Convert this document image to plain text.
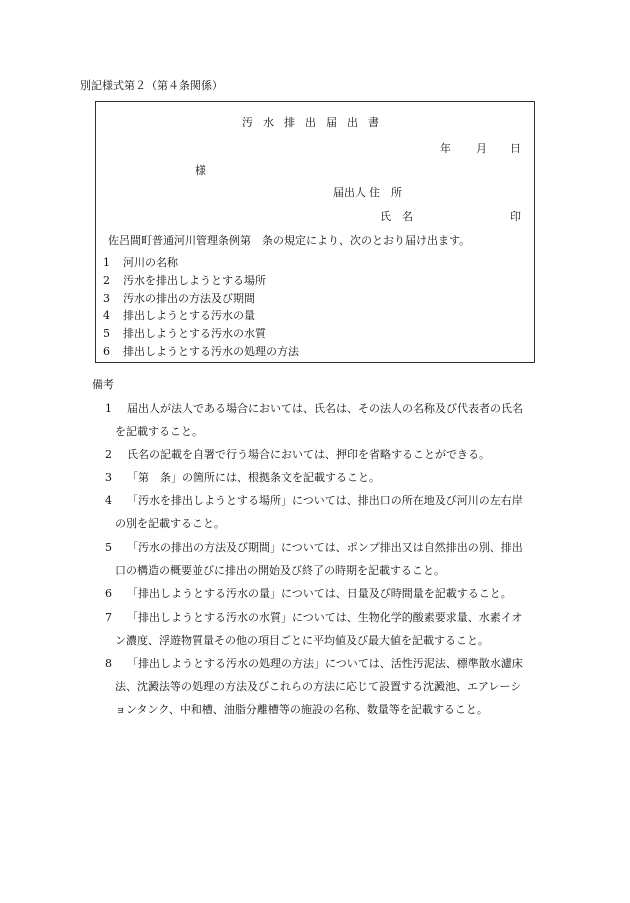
別記様式第２（第４条関係）
汚水排出届出書
年 月 日
様
届出人 住　所
氏　名	印
佐呂間町普通河川管理条例第　条の規定により、次のとおり届け出ます。
1 河川の名称
2 汚水を排出しようとする場所
3 汚水の排出の方法及び期間
4 排出しようとする汚水の量
5 排出しようとする汚水の水質
6 排出しようとする汚水の処理の方法
備考
1 届出人が法人である場合においては、氏名は、その法人の名称及び代表者の氏名
を記載すること。
2 氏名の記載を自署で行う場合においては、押印を省略することができる。
3 「第　条」の箇所には、根拠条文を記載すること。
4 「汚水を排出しようとする場所」については、排出口の所在地及び河川の左右岸
の別を記載すること。
5 「汚水の排出の方法及び期間」については、ポンプ排出又は自然排出の別、排出
口の構造の概要並びに排出の開始及び終了の時期を記載すること。
6 「排出しようとする汚水の量」については、日量及び時間量を記載すること。
7 「排出しようとする汚水の水質」については、生物化学的酸素要求量、水素イオ
ン濃度、浮遊物質量その他の項目ごとに平均値及び最大値を記載すること。
8 「排出しようとする汚水の処理の方法」については、活性汚泥法、標準散水濾床
法、沈澱法等の処理の方法及びこれらの方法に応じて設置する沈澱池、エアレーシ
ョンタンク、中和槽、油脂分離槽等の施設の名称、数量等を記載すること。
